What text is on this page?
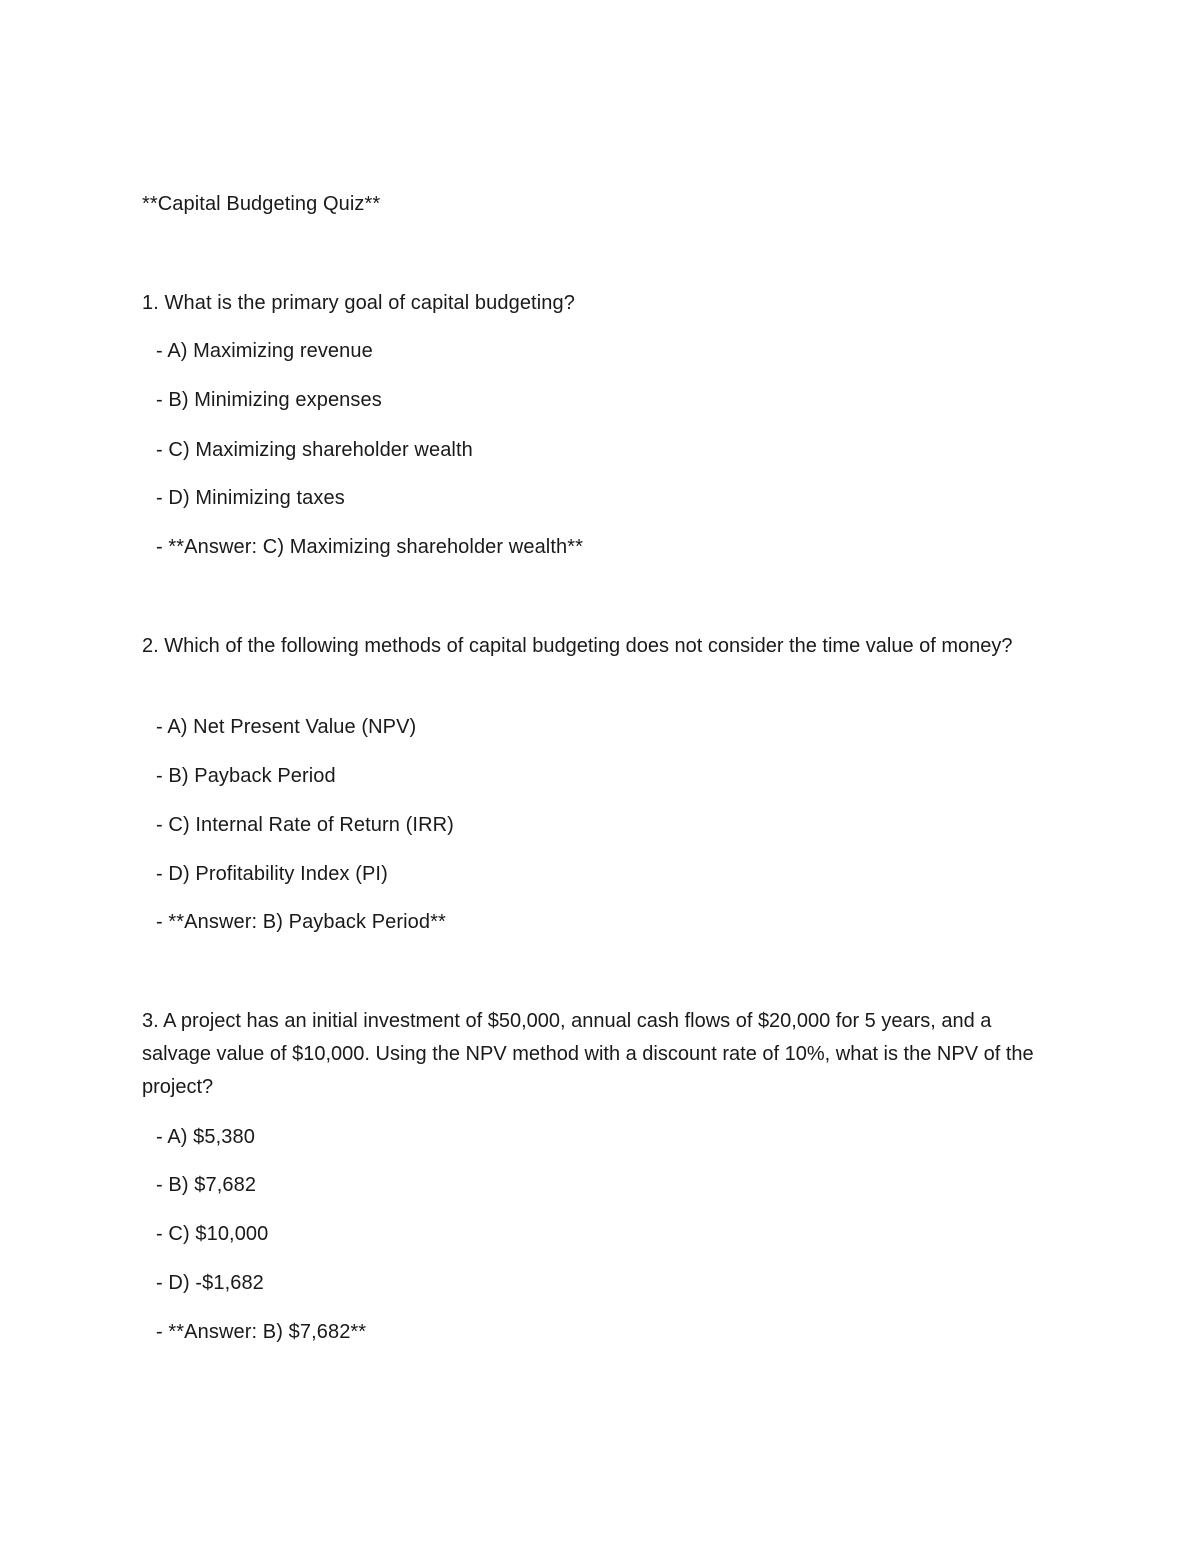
**Capital Budgeting Quiz**
1. What is the primary goal of capital budgeting?
- A) Maximizing revenue
- B) Minimizing expenses
- C) Maximizing shareholder wealth
- D) Minimizing taxes
- **Answer: C) Maximizing shareholder wealth**
2. Which of the following methods of capital budgeting does not consider the time value of money?
- A) Net Present Value (NPV)
- B) Payback Period
- C) Internal Rate of Return (IRR)
- D) Profitability Index (PI)
- **Answer: B) Payback Period**
3. A project has an initial investment of $50,000, annual cash flows of $20,000 for 5 years, and a salvage value of $10,000. Using the NPV method with a discount rate of 10%, what is the NPV of the project?
- A) $5,380
- B) $7,682
- C) $10,000
- D) -$1,682
- **Answer: B) $7,682**
